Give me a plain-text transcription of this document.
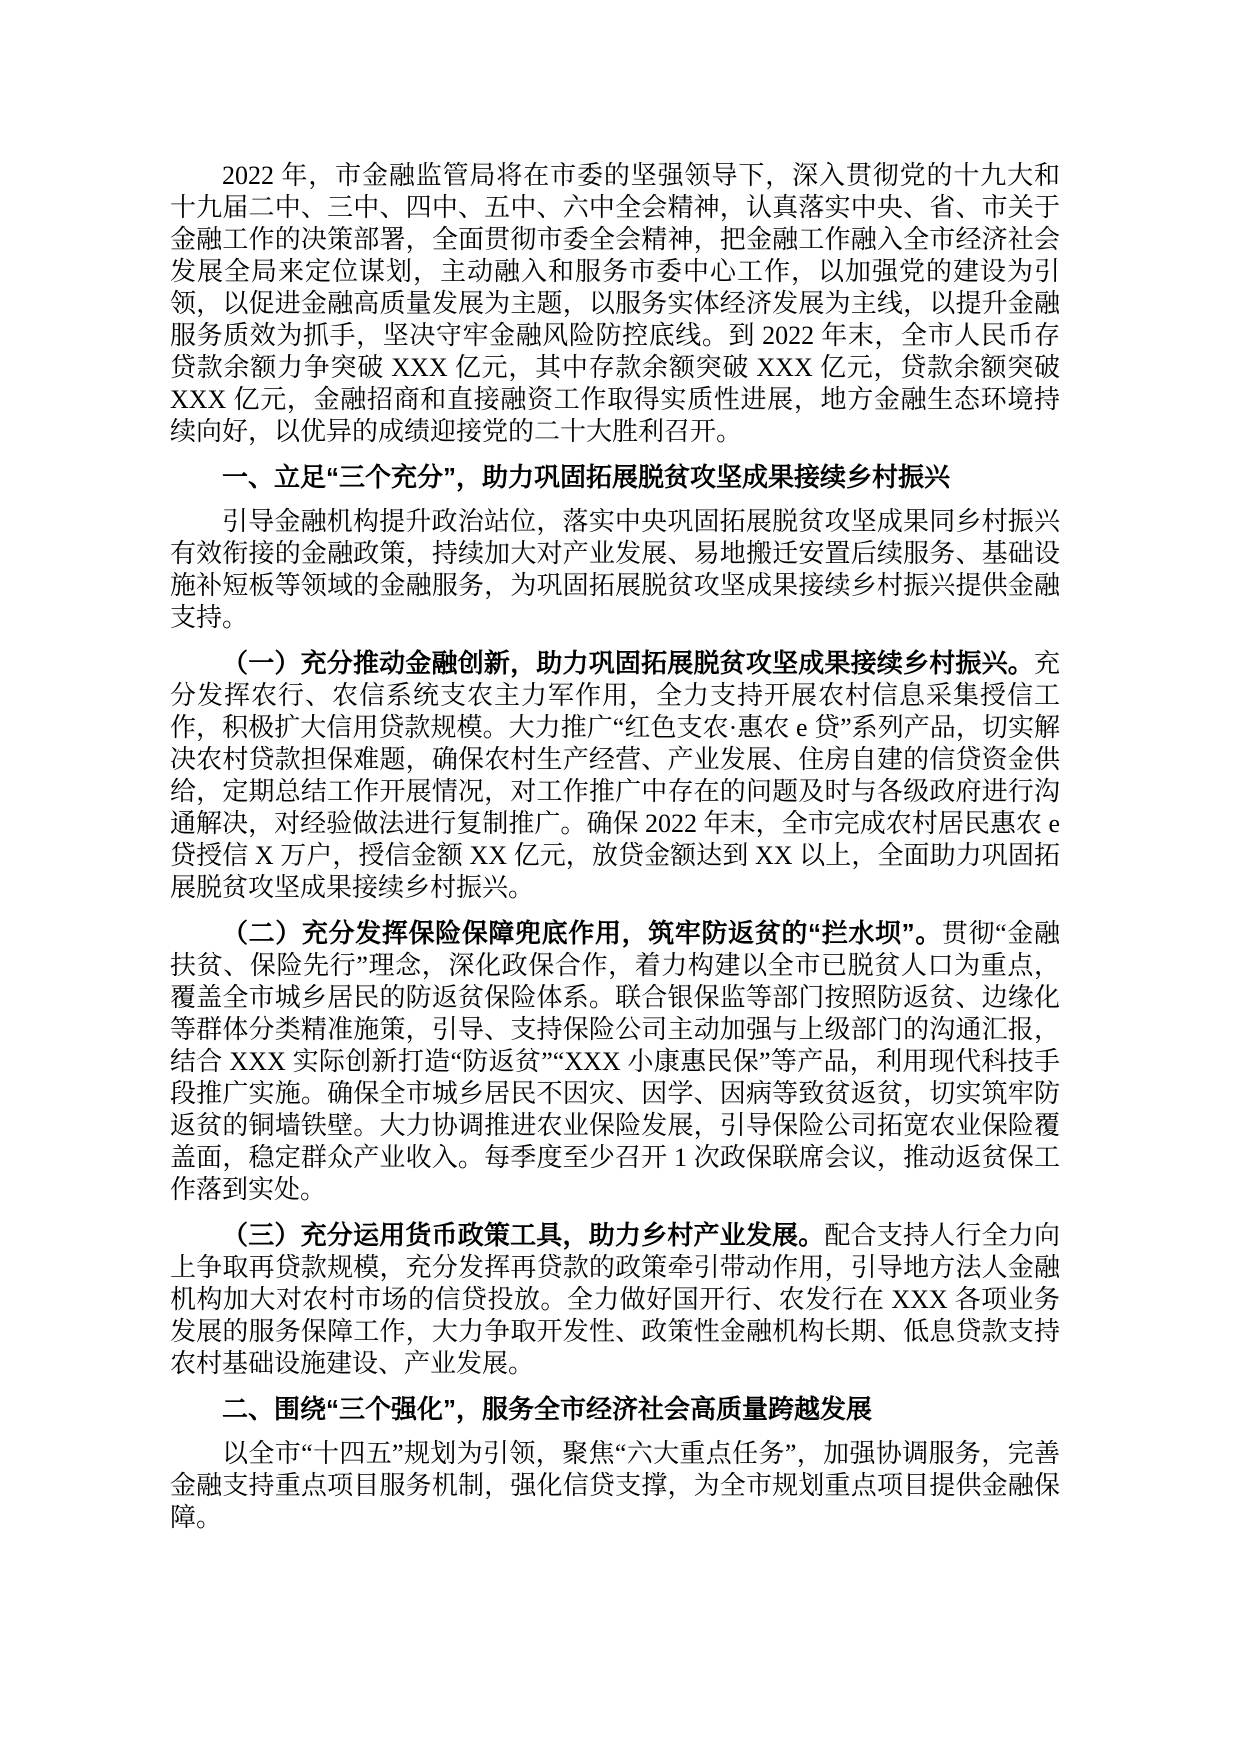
2022 年，市金融监管局将在市委的坚强领导下，深入贯彻党的十九大和十九届二中、三中、四中、五中、六中全会精神，认真落实中央、省、市关于金融工作的决策部署，全面贯彻市委全会精神，把金融工作融入全市经济社会发展全局来定位谋划，主动融入和服务市委中心工作，以加强党的建设为引领，以促进金融高质量发展为主题，以服务实体经济发展为主线，以提升金融服务质效为抓手，坚决守牢金融风险防控底线。到 2022 年末，全市人民币存贷款余额力争突破 XXX 亿元，其中存款余额突破 XXX 亿元，贷款余额突破 XXX 亿元，金融招商和直接融资工作取得实质性进展，地方金融生态环境持续向好，以优异的成绩迎接党的二十大胜利召开。

一、立足“三个充分”，助力巩固拓展脱贫攻坚成果接续乡村振兴

引导金融机构提升政治站位，落实中央巩固拓展脱贫攻坚成果同乡村振兴有效衔接的金融政策，持续加大对产业发展、易地搬迁安置后续服务、基础设施补短板等领域的金融服务，为巩固拓展脱贫攻坚成果接续乡村振兴提供金融支持。

（一）充分推动金融创新，助力巩固拓展脱贫攻坚成果接续乡村振兴。充分发挥农行、农信系统支农主力军作用，全力支持开展农村信息采集授信工作，积极扩大信用贷款规模。大力推广“红色支农·惠农 e 贷”系列产品，切实解决农村贷款担保难题，确保农村生产经营、产业发展、住房自建的信贷资金供给，定期总结工作开展情况，对工作推广中存在的问题及时与各级政府进行沟通解决，对经验做法进行复制推广。确保 2022 年末，全市完成农村居民惠农 e 贷授信 X 万户，授信金额 XX 亿元，放贷金额达到 XX 以上，全面助力巩固拓展脱贫攻坚成果接续乡村振兴。

（二）充分发挥保险保障兜底作用，筑牢防返贫的“拦水坝”。贯彻“金融扶贫、保险先行”理念，深化政保合作，着力构建以全市已脱贫人口为重点，覆盖全市城乡居民的防返贫保险体系。联合银保监等部门按照防返贫、边缘化等群体分类精准施策，引导、支持保险公司主动加强与上级部门的沟通汇报，结合 XXX 实际创新打造“防返贫”“XXX 小康惠民保”等产品，利用现代科技手段推广实施。确保全市城乡居民不因灾、因学、因病等致贫返贫，切实筑牢防返贫的铜墙铁壁。大力协调推进农业保险发展，引导保险公司拓宽农业保险覆盖面，稳定群众产业收入。每季度至少召开 1 次政保联席会议，推动返贫保工作落到实处。

（三）充分运用货币政策工具，助力乡村产业发展。配合支持人行全力向上争取再贷款规模，充分发挥再贷款的政策牵引带动作用，引导地方法人金融机构加大对农村市场的信贷投放。全力做好国开行、农发行在 XXX 各项业务发展的服务保障工作，大力争取开发性、政策性金融机构长期、低息贷款支持农村基础设施建设、产业发展。

二、围绕“三个强化”，服务全市经济社会高质量跨越发展

以全市“十四五”规划为引领，聚焦“六大重点任务”，加强协调服务，完善金融支持重点项目服务机制，强化信贷支撑，为全市规划重点项目提供金融保障。
